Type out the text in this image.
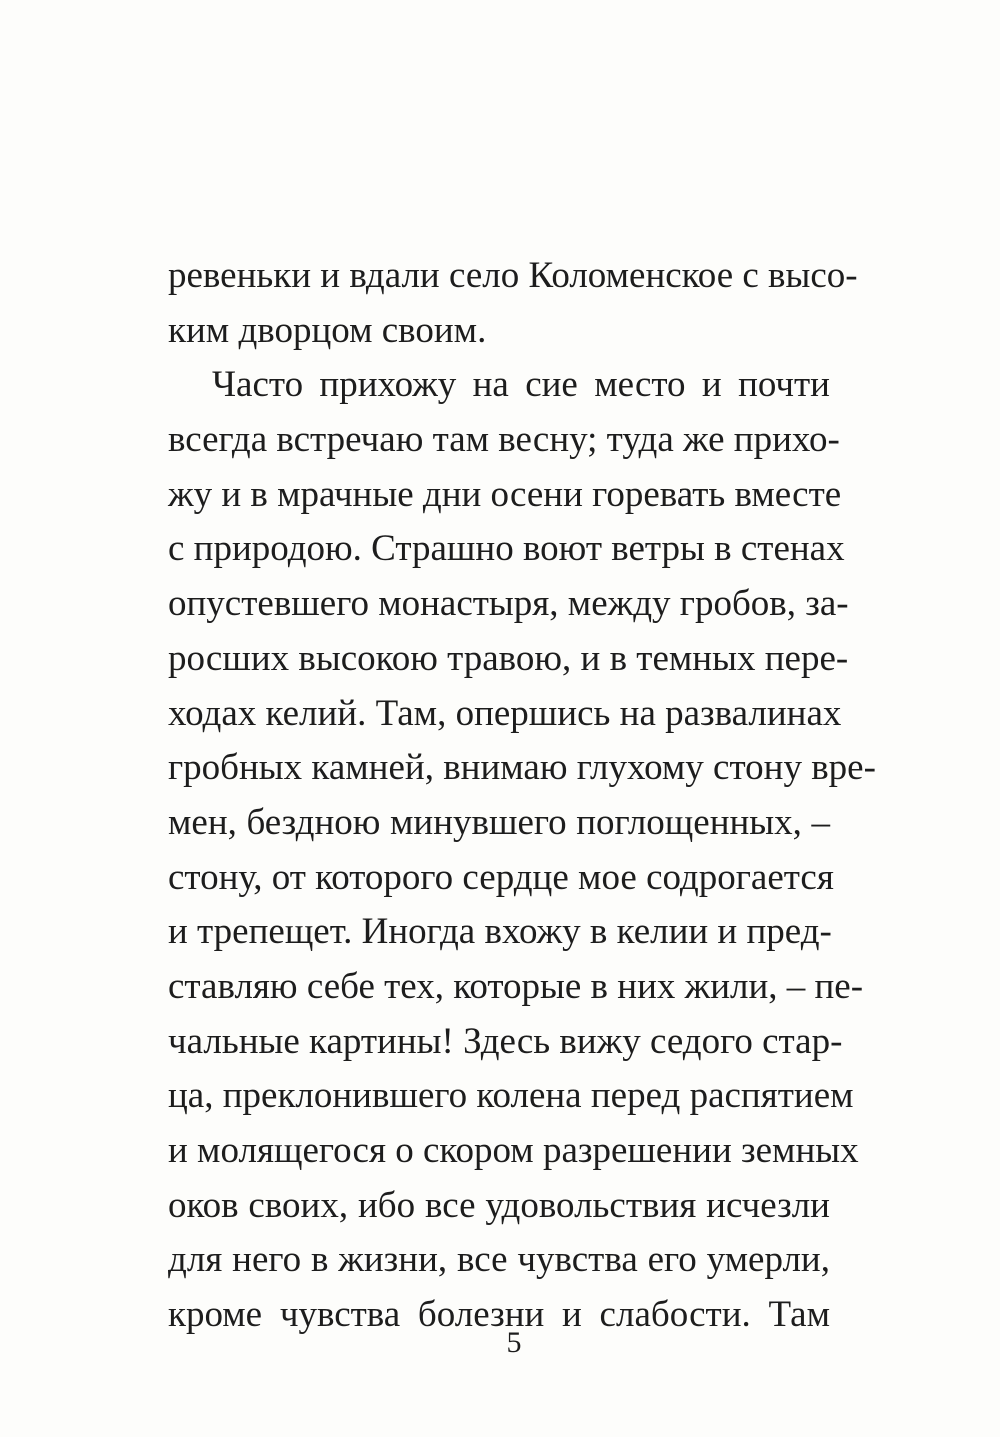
ревеньки и вдали село Коломенское с высо-
ким дворцом своим.
Часто прихожу на сие место и почти
всегда встречаю там весну; туда же прихо-
жу и в мрачные дни осени горевать вместе
с природою. Страшно воют ветры в стенах
опустевшего монастыря, между гробов, за-
росших высокою травою, и в темных пере-
ходах келий. Там, опершись на развалинах
гробных камней, внимаю глухому стону вре-
мен, бездною минувшего поглощенных, –
стону, от которого сердце мое содрогается
и трепещет. Иногда вхожу в келии и пред-
ставляю себе тех, которые в них жили, – пе-
чальные картины! Здесь вижу седого стар-
ца, преклонившего колена перед распятием
и молящегося о скором разрешении земных
оков своих, ибо все удовольствия исчезли
для него в жизни, все чувства его умерли,
кроме чувства болезни и слабости. Там
5
